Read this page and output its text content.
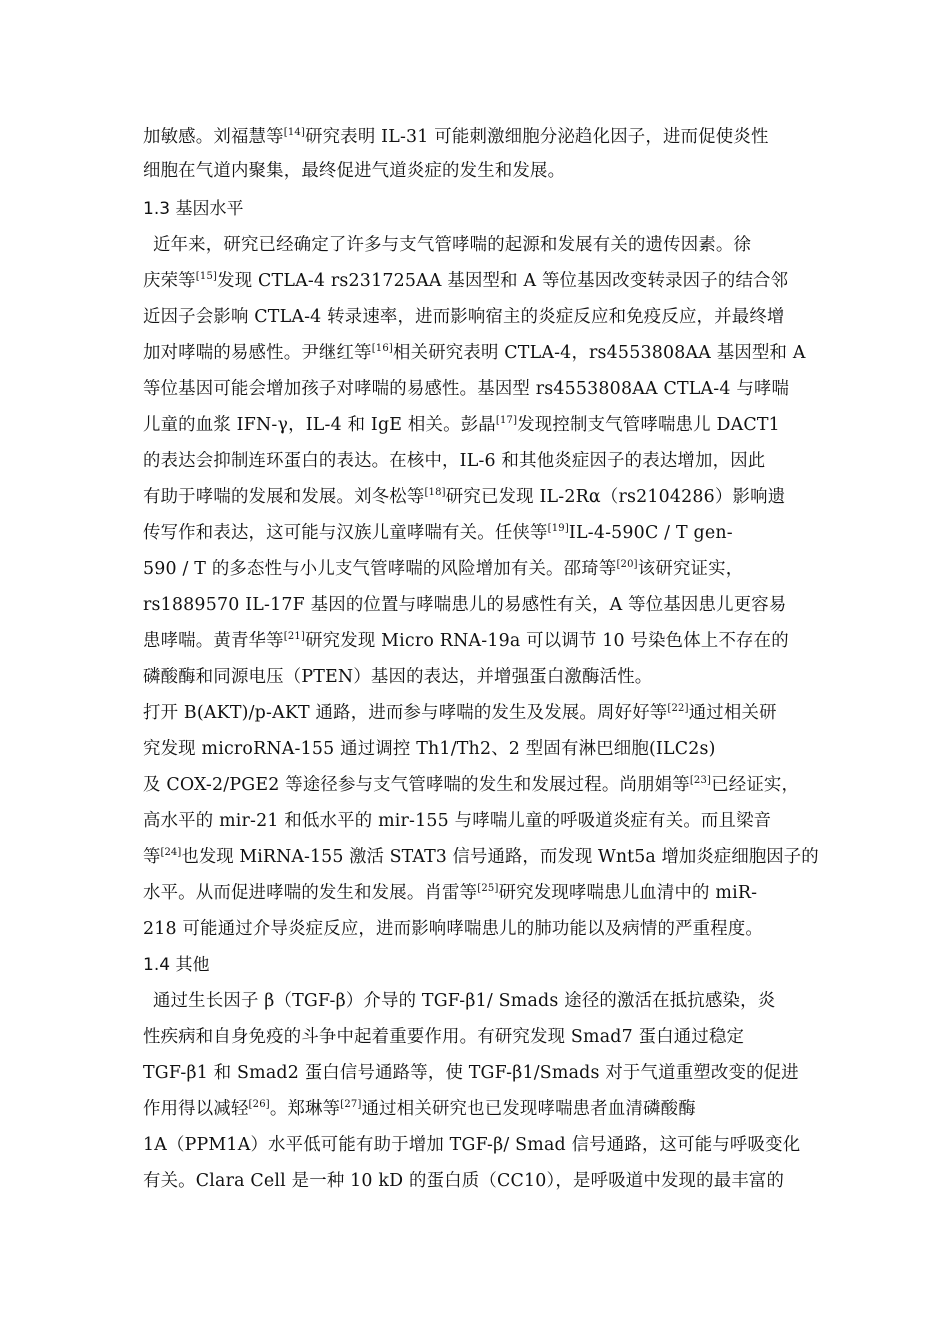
加敏感。刘福慧等[14]研究表明 IL-31 可能刺激细胞分泌趋化因子，进而促使炎性
细胞在气道内聚集，最终促进气道炎症的发生和发展。
1.3 基因水平
近年来，研究已经确定了许多与支气管哮喘的起源和发展有关的遗传因素。徐
庆荣等[15]发现 CTLA-4 rs231725AA 基因型和 A 等位基因改变转录因子的结合邻
近因子会影响 CTLA-4 转录速率，进而影响宿主的炎症反应和免疫反应，并最终增
加对哮喘的易感性。尹继红等[16]相关研究表明 CTLA-4，rs4553808AA 基因型和 A
等位基因可能会增加孩子对哮喘的易感性。基因型 rs4553808AA CTLA-4 与哮喘
儿童的血浆 IFN-γ，IL-4 和 IgE 相关。彭晶[17]发现控制支气管哮喘患儿 DACT1
的表达会抑制连环蛋白的表达。在核中，IL-6 和其他炎症因子的表达增加，因此
有助于哮喘的发展和发展。刘冬松等[18]研究已发现 IL-2Rα（rs2104286）影响遗
传写作和表达，这可能与汉族儿童哮喘有关。任侠等[19]IL-4-590C / T gen-
590 / T 的多态性与小儿支气管哮喘的风险增加有关。邵琦等[20]该研究证实，
rs1889570 IL-17F 基因的位置与哮喘患儿的易感性有关，A 等位基因患儿更容易
患哮喘。黄青华等[21]研究发现 Micro RNA-19a 可以调节 10 号染色体上不存在的
磷酸酶和同源电压（PTEN）基因的表达，并增强蛋白激酶活性。
打开 B(AKT)/p-AKT 通路，进而参与哮喘的发生及发展。周好好等[22]通过相关研
究发现 microRNA-155 通过调控 Th1/Th2、2 型固有淋巴细胞(ILC2s)
及 COX-2/PGE2 等途径参与支气管哮喘的发生和发展过程。尚朋娟等[23]已经证实，
高水平的 mir-21 和低水平的 mir-155 与哮喘儿童的呼吸道炎症有关。而且梁音
等[24]也发现 MiRNA-155 激活 STAT3 信号通路，而发现 Wnt5a 增加炎症细胞因子的
水平。从而促进哮喘的发生和发展。肖雷等[25]研究发现哮喘患儿血清中的 miR-
218 可能通过介导炎症反应，进而影响哮喘患儿的肺功能以及病情的严重程度。
1.4 其他
通过生长因子 β（TGF-β）介导的 TGF-β1/ Smads 途径的激活在抵抗感染，炎
性疾病和自身免疫的斗争中起着重要作用。有研究发现 Smad7 蛋白通过稳定
TGF-β1 和 Smad2 蛋白信号通路等，使 TGF-β1/Smads 对于气道重塑改变的促进
作用得以减轻[26]。郑琳等[27]通过相关研究也已发现哮喘患者血清磷酸酶
1A（PPM1A）水平低可能有助于增加 TGF-β/ Smad 信号通路，这可能与呼吸变化
有关。Clara Cell 是一种 10 kD 的蛋白质（CC10），是呼吸道中发现的最丰富的
